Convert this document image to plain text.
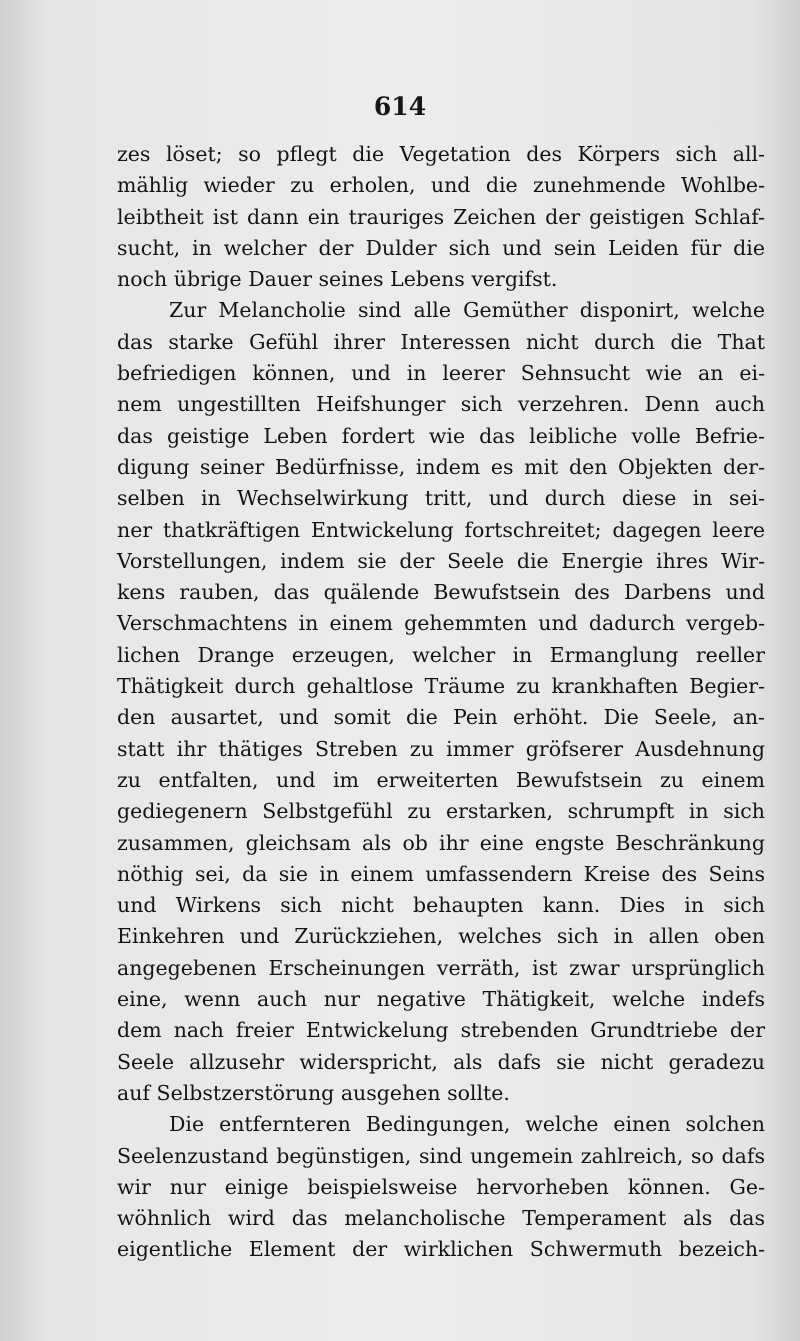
614
zes löset; so pflegt die Vegetation des Körpers sich all-
mählig wieder zu erholen, und die zunehmende Wohlbe-
leibtheit ist dann ein trauriges Zeichen der geistigen Schlaf-
sucht, in welcher der Dulder sich und sein Leiden für die
noch übrige Dauer seines Lebens vergifst.
Zur Melancholie sind alle Gemüther disponirt, welche
das starke Gefühl ihrer Interessen nicht durch die That
befriedigen können, und in leerer Sehnsucht wie an ei-
nem ungestillten Heifshunger sich verzehren. Denn auch
das geistige Leben fordert wie das leibliche volle Befrie-
digung seiner Bedürfnisse, indem es mit den Objekten der-
selben in Wechselwirkung tritt, und durch diese in sei-
ner thatkräftigen Entwickelung fortschreitet; dagegen leere
Vorstellungen, indem sie der Seele die Energie ihres Wir-
kens rauben, das quälende Bewufstsein des Darbens und
Verschmachtens in einem gehemmten und dadurch vergeb-
lichen Drange erzeugen, welcher in Ermanglung reeller
Thätigkeit durch gehaltlose Träume zu krankhaften Begier-
den ausartet, und somit die Pein erhöht. Die Seele, an-
statt ihr thätiges Streben zu immer gröfserer Ausdehnung
zu entfalten, und im erweiterten Bewufstsein zu einem
gediegenern Selbstgefühl zu erstarken, schrumpft in sich
zusammen, gleichsam als ob ihr eine engste Beschränkung
nöthig sei, da sie in einem umfassendern Kreise des Seins
und Wirkens sich nicht behaupten kann. Dies in sich
Einkehren und Zurückziehen, welches sich in allen oben
angegebenen Erscheinungen verräth, ist zwar ursprünglich
eine, wenn auch nur negative Thätigkeit, welche indefs
dem nach freier Entwickelung strebenden Grundtriebe der
Seele allzusehr widerspricht, als dafs sie nicht geradezu
auf Selbstzerstörung ausgehen sollte.
Die entfernteren Bedingungen, welche einen solchen
Seelenzustand begünstigen, sind ungemein zahlreich, so dafs
wir nur einige beispielsweise hervorheben können. Ge-
wöhnlich wird das melancholische Temperament als das
eigentliche Element der wirklichen Schwermuth bezeich-
